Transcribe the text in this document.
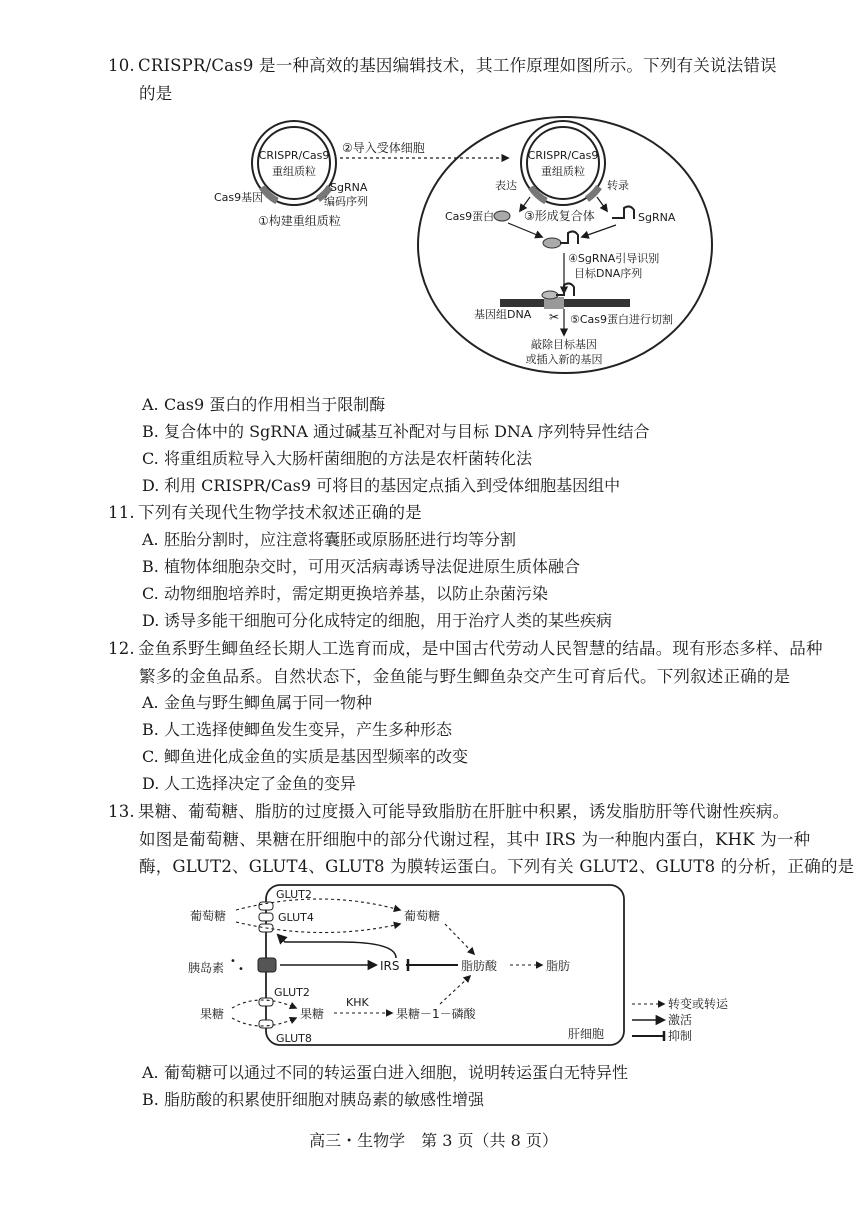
10. CRISPR/Cas9 是一种高效的基因编辑技术，其工作原理如图所示。下列有关说法错误
的是
CRISPR/Cas9
重组质粒
Cas9基因
SgRNA
编码序列
①构建重组质粒
②导入受体细胞
CRISPR/Cas9
重组质粒
表达	转录
Cas9蛋白 ③形成复合体	SgRNA
④SgRNA引导识别
目标DNA序列
基因组DNA ✂ ⑤Cas9蛋白进行切割
敲除目标基因
或插入新的基因
A. Cas9 蛋白的作用相当于限制酶
B. 复合体中的 SgRNA 通过碱基互补配对与目标 DNA 序列特异性结合
C. 将重组质粒导入大肠杆菌细胞的方法是农杆菌转化法
D. 利用 CRISPR/Cas9 可将目的基因定点插入到受体细胞基因组中
11. 下列有关现代生物学技术叙述正确的是
A. 胚胎分割时，应注意将囊胚或原肠胚进行均等分割
B. 植物体细胞杂交时，可用灭活病毒诱导法促进原生质体融合
C. 动物细胞培养时，需定期更换培养基，以防止杂菌污染
D. 诱导多能干细胞可分化成特定的细胞，用于治疗人类的某些疾病
12. 金鱼系野生鲫鱼经长期人工选育而成，是中国古代劳动人民智慧的结晶。现有形态多样、品种
繁多的金鱼品系。自然状态下，金鱼能与野生鲫鱼杂交产生可育后代。下列叙述正确的是
A. 金鱼与野生鲫鱼属于同一物种
B. 人工选择使鲫鱼发生变异，产生多种形态
C. 鲫鱼进化成金鱼的实质是基因型频率的改变
D. 人工选择决定了金鱼的变异
13. 果糖、葡萄糖、脂肪的过度摄入可能导致脂肪在肝脏中积累，诱发脂肪肝等代谢性疾病。
如图是葡萄糖、果糖在肝细胞中的部分代谢过程，其中 IRS 为一种胞内蛋白，KHK 为一种
酶，GLUT2、GLUT4、GLUT8 为膜转运蛋白。下列有关 GLUT2、GLUT8 的分析，正确的是
GLUT2
GLUT4
葡萄糖	葡萄糖
胰岛素 •
•	IRS	脂肪酸	脂肪
GLUT2
果糖	果糖
GLUT8
KHK
果糖－1－磷酸
肝细胞
转变或转运
激活
抑制
A. 葡萄糖可以通过不同的转运蛋白进入细胞，说明转运蛋白无特异性
B. 脂肪酸的积累使肝细胞对胰岛素的敏感性增强
高三・生物学　第 3 页（共 8 页）
